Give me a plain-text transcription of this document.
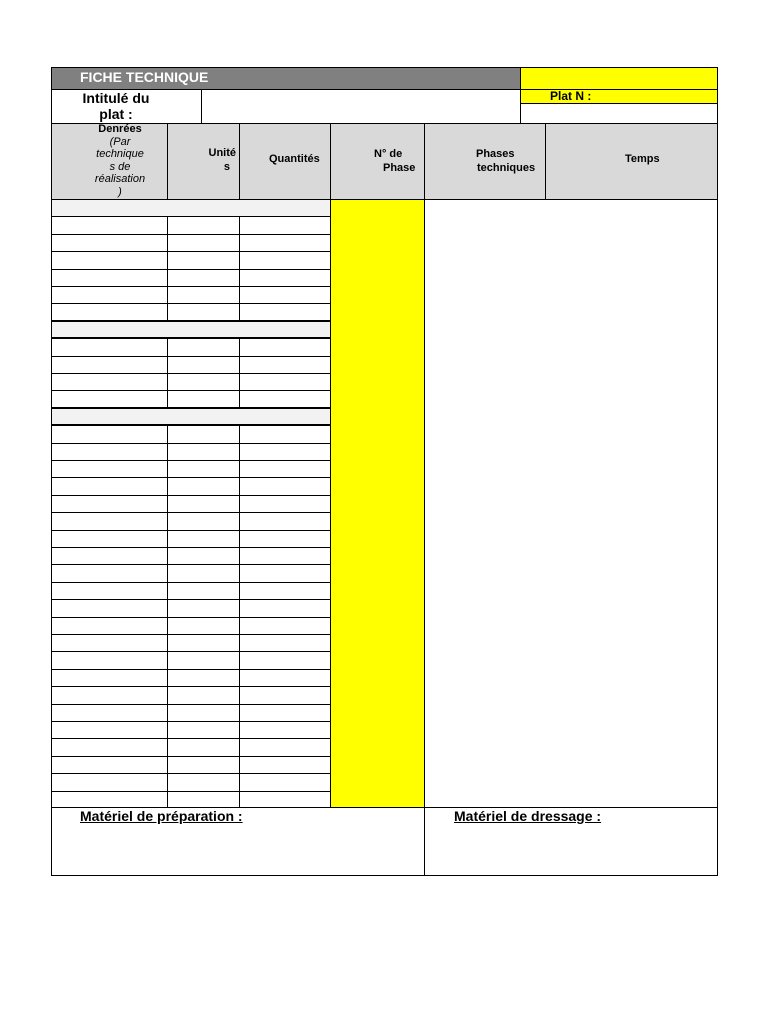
FICHE TECHNIQUE
Intitulé du
plat :
Plat N :
Denrées
(Par
technique
s de
réalisation
)
Unité
s
Quantités	N° de
Phase
Phases
techniques
Temps
Matériel de préparation :	Matériel de dressage :
